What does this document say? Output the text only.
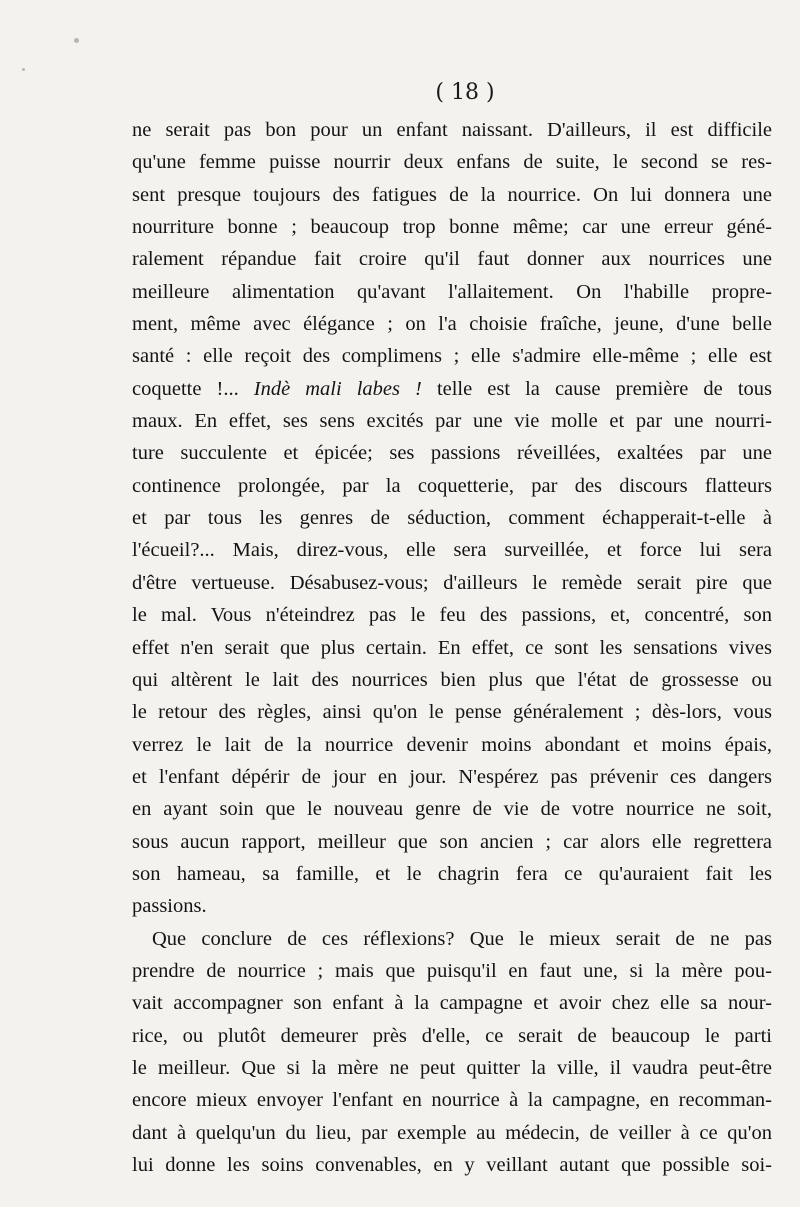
( 18 )
ne serait pas bon pour un enfant naissant. D'ailleurs, il est difficile
qu'une femme puisse nourrir deux enfans de suite, le second se res-
sent presque toujours des fatigues de la nourrice. On lui donnera une
nourriture bonne ; beaucoup trop bonne même; car une erreur géné-
ralement répandue fait croire qu'il faut donner aux nourrices une
meilleure alimentation qu'avant l'allaitement. On l'habille propre-
ment, même avec élégance ; on l'a choisie fraîche, jeune, d'une belle
santé : elle reçoit des complimens ; elle s'admire elle-même ; elle est
coquette !... Indè mali labes ! telle est la cause première de tous
maux. En effet, ses sens excités par une vie molle et par une nourri-
ture succulente et épicée; ses passions réveillées, exaltées par une
continence prolongée, par la coquetterie, par des discours flatteurs
et par tous les genres de séduction, comment échapperait-t-elle à
l'écueil?... Mais, direz-vous, elle sera surveillée, et force lui sera
d'être vertueuse. Désabusez-vous; d'ailleurs le remède serait pire que
le mal. Vous n'éteindrez pas le feu des passions, et, concentré, son
effet n'en serait que plus certain. En effet, ce sont les sensations vives
qui altèrent le lait des nourrices bien plus que l'état de grossesse ou
le retour des règles, ainsi qu'on le pense généralement ; dès-lors, vous
verrez le lait de la nourrice devenir moins abondant et moins épais,
et l'enfant dépérir de jour en jour. N'espérez pas prévenir ces dangers
en ayant soin que le nouveau genre de vie de votre nourrice ne soit,
sous aucun rapport, meilleur que son ancien ; car alors elle regrettera
son hameau, sa famille, et le chagrin fera ce qu'auraient fait les
passions.
Que conclure de ces réflexions? Que le mieux serait de ne pas
prendre de nourrice ; mais que puisqu'il en faut une, si la mère pou-
vait accompagner son enfant à la campagne et avoir chez elle sa nour-
rice, ou plutôt demeurer près d'elle, ce serait de beaucoup le parti
le meilleur. Que si la mère ne peut quitter la ville, il vaudra peut-être
encore mieux envoyer l'enfant en nourrice à la campagne, en recomman-
dant à quelqu'un du lieu, par exemple au médecin, de veiller à ce qu'on
lui donne les soins convenables, en y veillant autant que possible soi-
